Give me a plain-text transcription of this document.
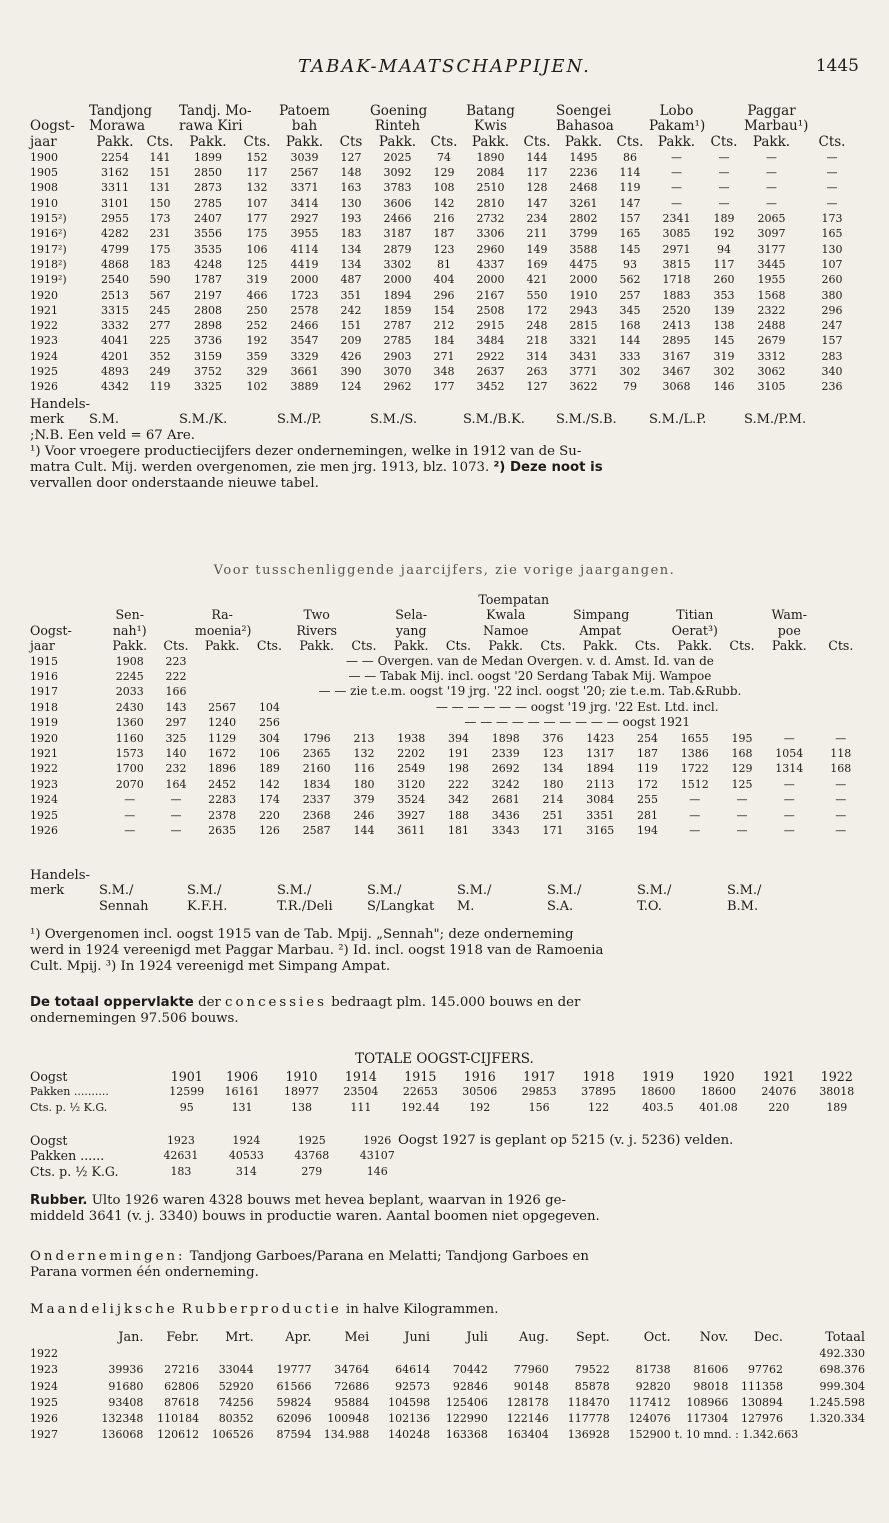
TABAK-MAATSCHAPPIJEN.	1445
	Tandjong		Tandj. Mo-		Patoem		Goening		Batang		Soengei		Lobo		Paggar	
Oogst-	Morawa		rawa Kiri		bah		Rinteh		Kwis		Bahasoa		Pakam¹)		Marbau¹)	
jaar	Pakk.	Cts.	Pakk.	Cts.	Pakk.	Cts	Pakk.	Cts.	Pakk.	Cts.	Pakk.	Cts.	Pakk.	Cts.	Pakk.	Cts.
1900	2254	141	1899	152	3039	127	2025	74	1890	144	1495	86	—	—	—	—
1905	3162	151	2850	117	2567	148	3092	129	2084	117	2236	114	—	—	—	—
1908	3311	131	2873	132	3371	163	3783	108	2510	128	2468	119	—	—	—	—
1910	3101	150	2785	107	3414	130	3606	142	2810	147	3261	147	—	—	—	—
1915²)	2955	173	2407	177	2927	193	2466	216	2732	234	2802	157	2341	189	2065	173
1916²)	4282	231	3556	175	3955	183	3187	187	3306	211	3799	165	3085	192	3097	165
1917²)	4799	175	3535	106	4114	134	2879	123	2960	149	3588	145	2971	94	3177	130
1918²)	4868	183	4248	125	4419	134	3302	81	4337	169	4475	93	3815	117	3445	107
1919²)	2540	590	1787	319	2000	487	2000	404	2000	421	2000	562	1718	260	1955	260
1920	2513	567	2197	466	1723	351	1894	296	2167	550	1910	257	1883	353	1568	380
1921	3315	245	2808	250	2578	242	1859	154	2508	172	2943	345	2520	139	2322	296
1922	3332	277	2898	252	2466	151	2787	212	2915	248	2815	168	2413	138	2488	247
1923	4041	225	3736	192	3547	209	2785	184	3484	218	3321	144	2895	145	2679	157
1924	4201	352	3159	359	3329	426	2903	271	2922	314	3431	333	3167	319	3312	283
1925	4893	249	3752	329	3661	390	3070	348	2637	263	3771	302	3467	302	3062	340
1926	4342	119	3325	102	3889	124	2962	177	3452	127	3622	79	3068	146	3105	236
Handels-
merk	S.M.	S.M./K.	S.M./P.	S.M./S.	S.M./B.K.	S.M./S.B.	S.M./L.P.	S.M./P.M.
;N.B. Een veld = 67 Are.
¹) Voor vroegere productiecijfers dezer ondernemingen, welke in 1912 van de Su-
matra Cult. Mij. werden overgenomen, zie men jrg. 1913, blz. 1073. ²) Deze noot is
vervallen door onderstaande nieuwe tabel.
Voor tusschenliggende jaarcijfers, zie vorige jaargangen.
									Toempatan							
	Sen-		Ra-		Two		Sela-		Kwala		Simpang		Titian		Wam-	
Oogst-	nah¹)		moenia²)		Rivers		yang		Namoe		Ampat		Oerat³)		poe	
jaar	Pakk.	Cts.	Pakk.	Cts.	Pakk.	Cts.	Pakk.	Cts.	Pakk.	Cts.	Pakk.	Cts.	Pakk.	Cts.	Pakk.	Cts.
1915	1908	223	— — Overgen. van de Medan Overgen. v. d. Amst. Id. van de													
1916	2245	222	— — Tabak Mij. incl. oogst '20 Serdang Tabak Mij. Wampoe													
1917	2033	166	— — zie t.e.m. oogst '19 jrg. '22 incl. oogst '20; zie t.e.m. Tab.&Rubb.													
1918	2430	143	2567	104	— — — — — — oogst '19 jrg. '22 Est. Ltd. incl.											
1919	1360	297	1240	256	— — — — — — — — — — oogst 1921											
1920	1160	325	1129	304	1796	213	1938	394	1898	376	1423	254	1655	195	—	—
1921	1573	140	1672	106	2365	132	2202	191	2339	123	1317	187	1386	168	1054	118
1922	1700	232	1896	189	2160	116	2549	198	2692	134	1894	119	1722	129	1314	168
1923	2070	164	2452	142	1834	180	3120	222	3242	180	2113	172	1512	125	—	—
1924	—	—	2283	174	2337	379	3524	342	2681	214	3084	255	—	—	—	—
1925	—	—	2378	220	2368	246	3927	188	3436	251	3351	281	—	—	—	—
1926	—	—	2635	126	2587	144	3611	181	3343	171	3165	194	—	—	—	—
Handels-
merk	S.M./	S.M./	S.M./	S.M./	S.M./	S.M./	S.M./	S.M./
	Sennah	K.F.H.	T.R./Deli	S/Langkat	M.	S.A.	T.O.	B.M.
¹) Overgenomen incl. oogst 1915 van de Tab. Mpij. „Sennah"; deze onderneming
werd in 1924 vereenigd met Paggar Marbau. ²) Id. incl. oogst 1918 van de Ramoenia
Cult. Mpij. ³) In 1924 vereenigd met Simpang Ampat.
De totaal oppervlakte der concessies bedraagt plm. 145.000 bouws en der
ondernemingen 97.506 bouws.
TOTALE OOGST-CIJFERS.
Oogst	1901	1906	1910	1914	1915	1916	1917	1918	1919	1920	1921	1922
Pakken ..........	12599	16161	18977	23504	22653	30506	29853	37895	18600	18600	24076	38018
Cts. p. ½ K.G.	95	131	138	111	192.44	192	156	122	403.5	401.08	220	189
Oogst	1923	1924	1925	1926
Pakken ......	42631	40533	43768	43107
Cts. p. ½ K.G.	183	314	279	146
Oogst 1927 is geplant op 5215 (v. j. 5236) velden.
Rubber. Ulto 1926 waren 4328 bouws met hevea beplant, waarvan in 1926 ge-
middeld 3641 (v. j. 3340) bouws in productie waren. Aantal boomen niet opgegeven.
Ondernemingen: Tandjong Garboes/Parana en Melatti; Tandjong Garboes en
Parana vormen één onderneming.
Maandelijksche Rubberproductie in halve Kilogrammen.
	Jan.	Febr.	Mrt.	Apr.	Mei	Juni	Juli	Aug.	Sept.	Oct.	Nov.	Dec.	Totaal
1922													492.330
1923	39936	27216	33044	19777	34764	64614	70442	77960	79522	81738	81606	97762	698.376
1924	91680	62806	52920	61566	72686	92573	92846	90148	85878	92820	98018	111358	999.304
1925	93408	87618	74256	59824	95884	104598	125406	128178	118470	117412	108966	130894	1.245.598
1926	132348	110184	80352	62096	100948	102136	122990	122146	117778	124076	117304	127976	1.320.334
1927	136068	120612	106526	87594	134.988	140248	163368	163404	136928	152900	t. 10 mnd. : 1.342.663		
